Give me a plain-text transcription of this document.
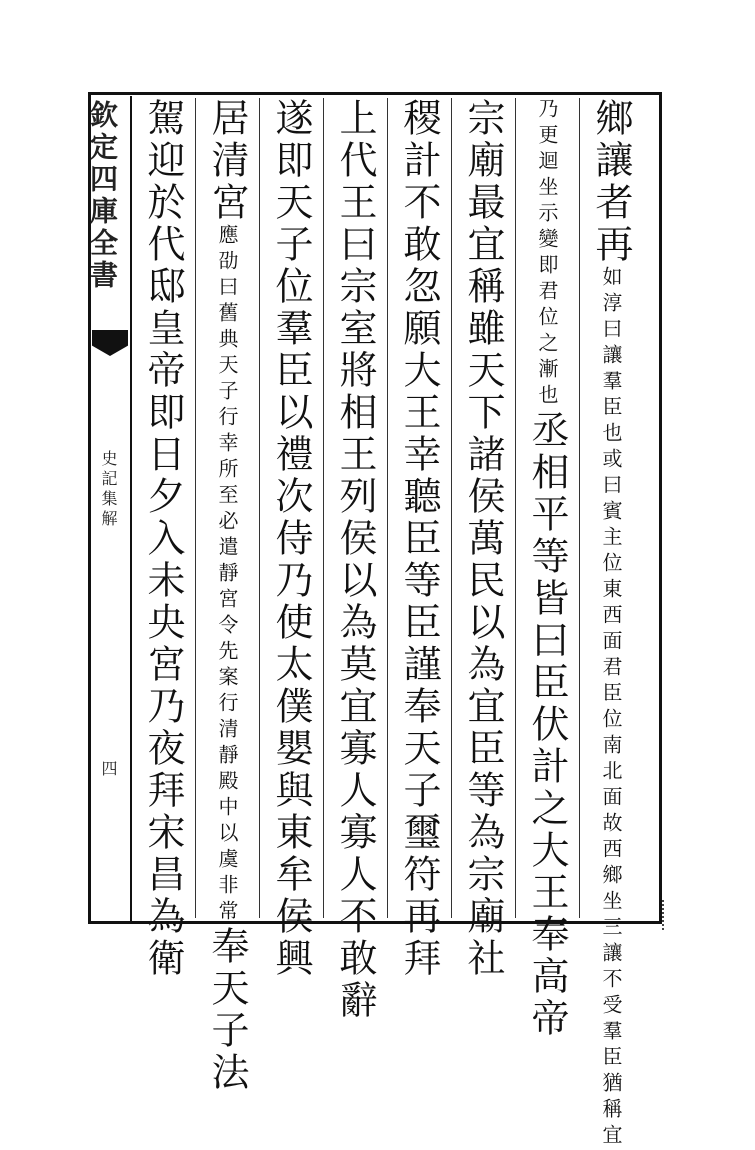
欽定四庫全書
史記集解
四
鄉讓者再如淳曰讓羣臣也或曰賓主位東西面君臣位南北面故西鄉坐三讓不受羣臣猶稱宜
乃更迴坐示變即君位之漸也丞相平等皆曰臣伏計之大王奉高帝
宗廟最宜稱雖天下諸侯萬民以為宜臣等為宗廟社
稷計不敢忽願大王幸聽臣等臣謹奉天子璽符再拜
上代王曰宗室將相王列侯以為莫宜寡人寡人不敢辭
遂即天子位羣臣以禮次侍乃使太僕嬰與東牟侯興
居清宮應劭曰舊典天子行幸所至必遣靜宮令先案行清靜殿中以虞非常奉天子法
駕迎於代邸皇帝即日夕入未央宮乃夜拜宋昌為衛
